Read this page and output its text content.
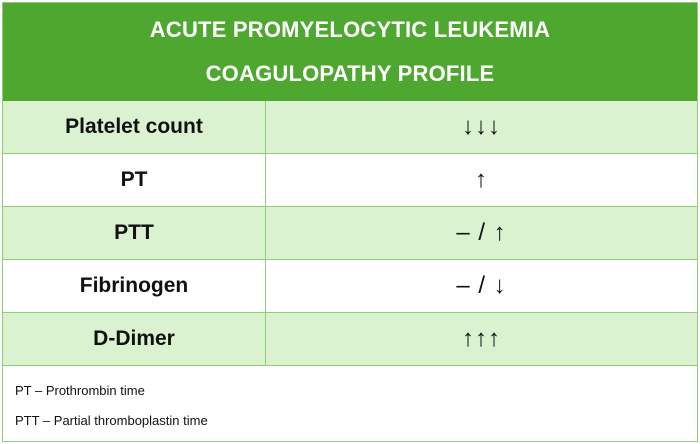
ACUTE PROMYELOCYTIC LEUKEMIA
COAGULOPATHY PROFILE
Platelet count	↓↓↓
PT	↑
PTT	– / ↑
Fibrinogen	– / ↓
D-Dimer	↑↑↑
PT – Prothrombin time
PTT – Partial thromboplastin time
